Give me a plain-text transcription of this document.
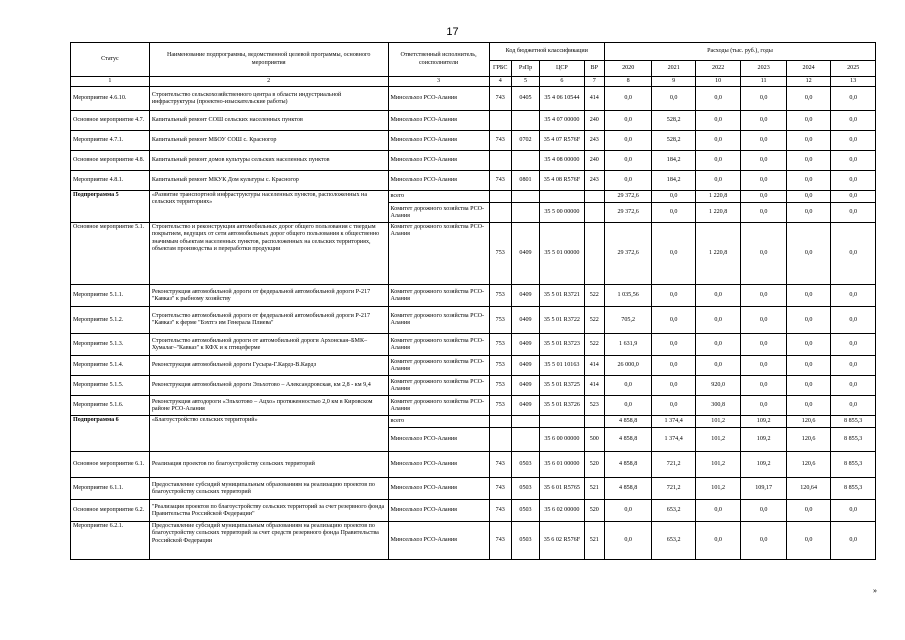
17
Статус	Наименование подпрограммы, ведомственной целевой программы, основного мероприятия	Ответственный исполнитель, соисполнители	Код бюджетной классификации				Расходы (тыс. руб.), годы					
			ГРБС	РзПр	ЦСР	ВР	2020	2021	2022	2023	2024	2025
1	2	3	4	5	6	7	8	9	10	11	12	13
Мероприятие 4.6.10.	Строительство сельскохозяйственного центра в области индустриальной инфраструктуры (проектно-изыскательские работы)	Минсельхоз РСО-Алания	743	0405	35 4 06 10544	414	0,0	0,0	0,0	0,0	0,0	0,0
Основное мероприятие 4.7.	Капитальный ремонт СОШ сельских населенных пунктов	Минсельхоз РСО-Алания			35 4 07 00000	240	0,0	528,2	0,0	0,0	0,0	0,0
Мероприятие 4.7.1.	Капитальный ремонт МБОУ СОШ с. Красногор	Минсельхоз РСО-Алания	743	0702	35 4 07 R576F	243	0,0	528,2	0,0	0,0	0,0	0,0
Основное мероприятие 4.8.	Капитальный ремонт домов культуры сельских населенных пунктов	Минсельхоз РСО-Алания			35 4 08 00000	240	0,0	184,2	0,0	0,0	0,0	0,0
Мероприятие 4.8.1.	Капитальный ремонт МКУК Дом культуры с. Красногор	Минсельхоз РСО-Алания	743	0801	35 4 08 R576F	243	0,0	184,2	0,0	0,0	0,0	0,0
Подпрограмма 5	«Развитие транспортной инфраструктуры населенных пунктов, расположенных на сельских территориях»	всего					29 372,6	0,0	1 220,8	0,0	0,0	0,0
		Комитет дорожного хозяйства РСО-Алания			35 5 00 00000		29 372,6	0,0	1 220,8	0,0	0,0	0,0
Основное мероприятие 5.1.	Строительство и реконструкция автомобильных дорог общего пользования с твердым покрытием, ведущих от сети автомобильных дорог общего пользования к общественно значимым объектам населенных пунктов, расположенных на сельских территориях, объектам производства и переработки продукции	Комитет дорожного хозяйства РСО-Алания	753	0409	35 5 01 00000		29 372,6	0,0	1 220,8	0,0	0,0	0,0
Мероприятие 5.1.1.	Реконструкция автомобильной дороги от федеральной автомобильной дороги Р-217 "Кавказ" к рыбному хозяйству	Комитет дорожного хозяйства РСО-Алания	753	0409	35 5 01 R3721	522	1 035,56	0,0	0,0	0,0	0,0	0,0
Мероприятие 5.1.2.	Строительство автомобильной дороги от федеральной автомобильной дороги Р-217 "Кавказ" к ферме "Бэхтгэ им Генерала Плиева"	Комитет дорожного хозяйства РСО-Алания	753	0409	35 5 01 R3722	522	705,2	0,0	0,0	0,0	0,0	0,0
Мероприятие 5.1.3.	Строительство автомобильной дороги от автомобильной дороги Архонская–БМК–Хумалаг–"Кавказ" к КФХ и к птицеферме	Комитет дорожного хозяйства РСО-Алания	753	0409	35 5 01 R3723	522	1 631,9	0,0	0,0	0,0	0,0	0,0
Мероприятие 5.1.4.	Реконструкция автомобильной дороги Гусыра-Г.Кардз-В.Кардз	Комитет дорожного хозяйства РСО-Алания	753	0409	35 5 01 10163	414	26 000,0	0,0	0,0	0,0	0,0	0,0
Мероприятие 5.1.5.	Реконструкция автомобильной дороги Эльхотово – Александровская, км 2,8 - км 9,4	Комитет дорожного хозяйства РСО-Алания	753	0409	35 5 01 R3725	414	0,0	0,0	920,0	0,0	0,0	0,0
Мероприятие 5.1.6.	Реконструкция автодороги «Эльхотово – Ацхо» протяженностью 2,0 км в Кировском районе РСО-Алания	Комитет дорожного хозяйства РСО-Алания	753	0409	35 5 01 R3726	523	0,0	0,0	300,8	0,0	0,0	0,0
Подпрограмма 6	«Благоустройство сельских территорий»	всего					4 858,8	1 374,4	101,2	109,2	120,6	8 855,3
		Минсельхоз РСО-Алания			35 6 00 00000	500	4 858,8	1 374,4	101,2	109,2	120,6	8 855,3
Основное мероприятие 6.1.	Реализация проектов по благоустройству сельских территорий	Минсельхоз РСО-Алания	743	0503	35 6 01 00000	520	4 858,8	721,2	101,2	109,2	120,6	8 855,3
Мероприятие 6.1.1.	Предоставление субсидий муниципальным образованиям на реализацию проектов по благоустройству сельских территорий	Минсельхоз РСО-Алания	743	0503	35 6 01 R5765	521	4 858,8	721,2	101,2	109,17	120,64	8 855,3
Основное мероприятие 6.2.	"Реализация проектов по благоустройству сельских территорий за счет резервного фонда Правительства Российской Федерации"	Минсельхоз РСО-Алания	743	0503	35 6 02 00000	520	0,0	653,2	0,0	0,0	0,0	0,0
Мероприятие 6.2.1.	Предоставление субсидий муниципальным образованиям на реализацию проектов по благоустройству сельских территорий за счет средств резервного фонда Правительства Российской Федерации	Минсельхоз РСО-Алания	743	0503	35 6 02 R576F	521	0,0	653,2	0,0	0,0	0,0	0,0
»
